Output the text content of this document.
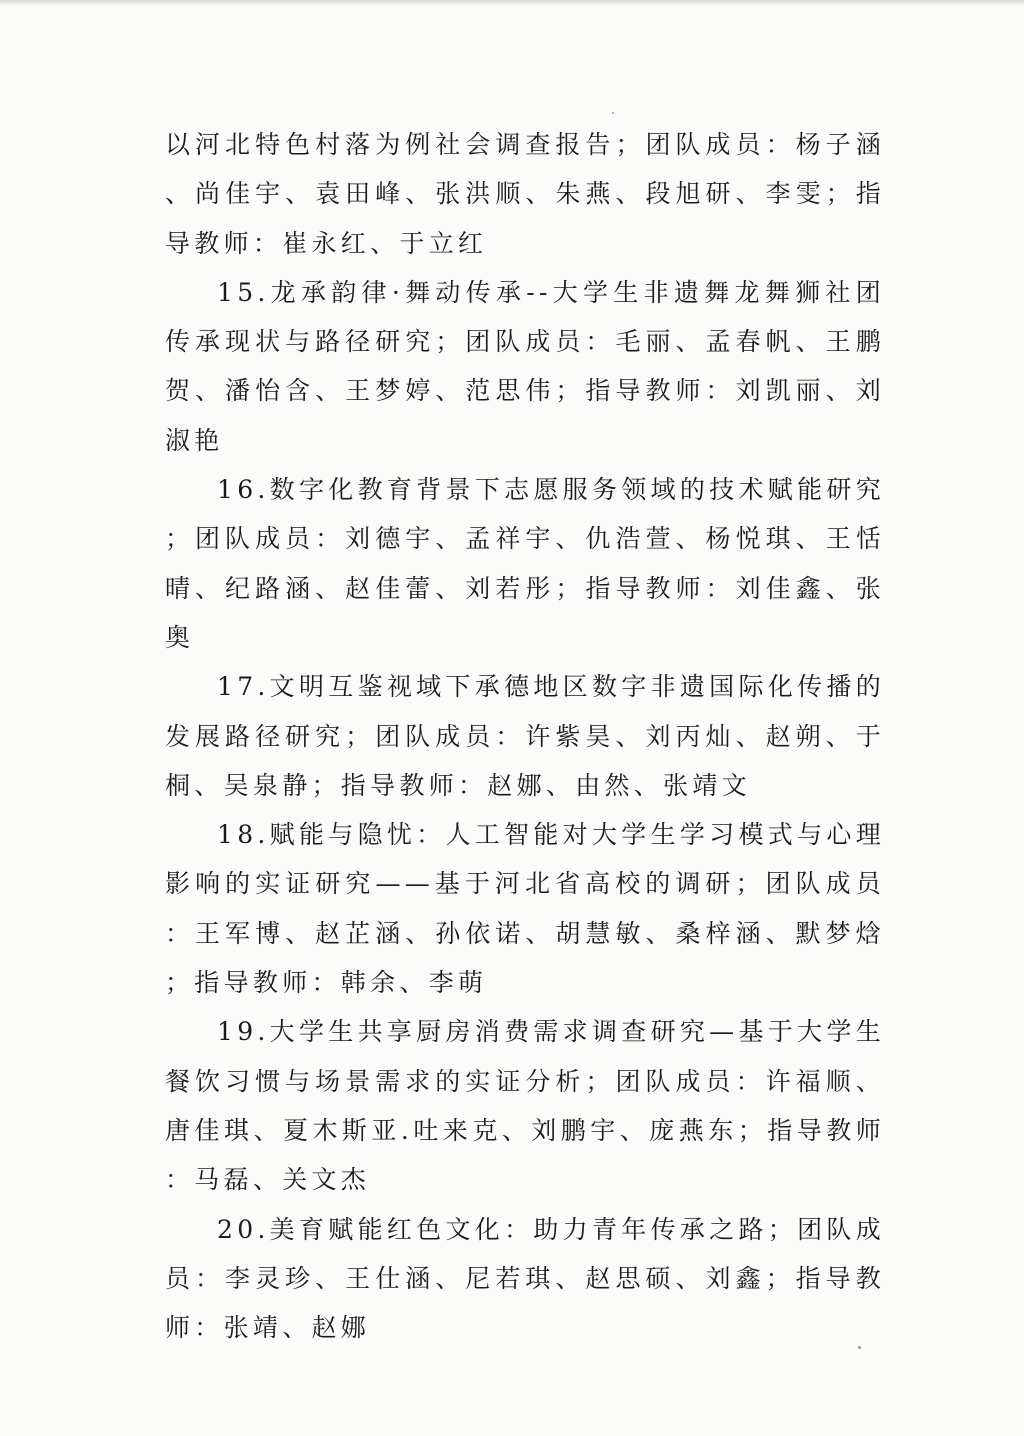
以河北特色村落为例社会调查报告；团队成员：杨子涵、尚佳宇、袁田峰、张洪顺、朱燕、段旭研、李雯；指导教师：崔永红、于立红

15.龙承韵律·舞动传承--大学生非遗舞龙舞狮社团传承现状与路径研究；团队成员：毛丽、孟春帆、王鹏贺、潘怡含、王梦婷、范思伟；指导教师：刘凯丽、刘淑艳

16.数字化教育背景下志愿服务领域的技术赋能研究；团队成员：刘德宇、孟祥宇、仇浩萱、杨悦琪、王恬晴、纪路涵、赵佳蕾、刘若彤；指导教师：刘佳鑫、张奥

17.文明互鉴视域下承德地区数字非遗国际化传播的发展路径研究；团队成员：许紫昊、刘丙灿、赵朔、于桐、吴泉静；指导教师：赵娜、由然、张靖文

18.赋能与隐忧：人工智能对大学生学习模式与心理影响的实证研究——基于河北省高校的调研；团队成员：王军博、赵芷涵、孙依诺、胡慧敏、桑梓涵、默梦焓；指导教师：韩余、李萌

19.大学生共享厨房消费需求调查研究—基于大学生餐饮习惯与场景需求的实证分析；团队成员：许福顺、唐佳琪、夏木斯亚.吐来克、刘鹏宇、庞燕东；指导教师：马磊、关文杰

20.美育赋能红色文化：助力青年传承之路；团队成员：李灵珍、王仕涵、尼若琪、赵思硕、刘鑫；指导教师：张靖、赵娜
